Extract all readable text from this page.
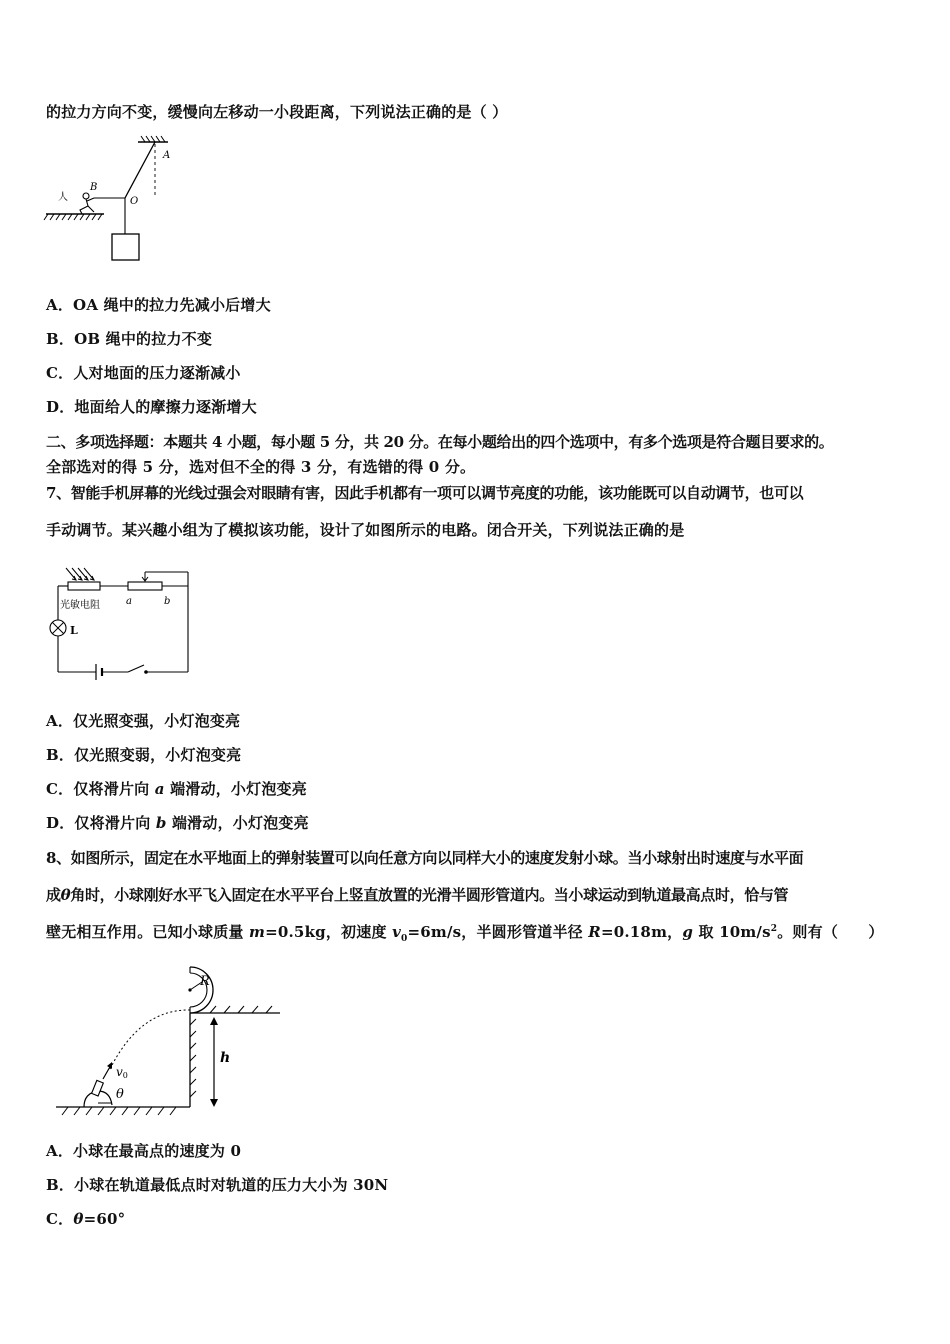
的拉力方向不变，缓慢向左移动一小段距离，下列说法正确的是（ ）
人
B
O
A
A．OA 绳中的拉力先减小后增大
B．OB 绳中的拉力不变
C．人对地面的压力逐渐减小
D．地面给人的摩擦力逐渐增大
二、多项选择题：本题共 4 小题，每小题 5 分，共 20 分。在每小题给出的四个选项中，有多个选项是符合题目要求的。
全部选对的得 5 分，选对但不全的得 3 分，有选错的得 0 分。
7、智能手机屏幕的光线过强会对眼睛有害，因此手机都有一项可以调节亮度的功能，该功能既可以自动调节，也可以
手动调节。某兴趣小组为了模拟该功能，设计了如图所示的电路。闭合开关，下列说法正确的是
光敏电阻	a	b
L
A．仅光照变强，小灯泡变亮
B．仅光照变弱，小灯泡变亮
C．仅将滑片向 a 端滑动，小灯泡变亮
D．仅将滑片向 b 端滑动，小灯泡变亮
8、如图所示，固定在水平地面上的弹射装置可以向任意方向以同样大小的速度发射小球。当小球射出时速度与水平面
成θ角时，小球刚好水平飞入固定在水平平台上竖直放置的光滑半圆形管道内。当小球运动到轨道最高点时，恰与管
壁无相互作用。已知小球质量 m=0.5kg，初速度 $v_0=6m/s$，半圆形管道半径 R=0.18m，g 取 $10m/s^2$。则有（　　）
R
h
v0
θ
A．小球在最高点的速度为 0
B．小球在轨道最低点时对轨道的压力大小为 30N
C．θ=60°
